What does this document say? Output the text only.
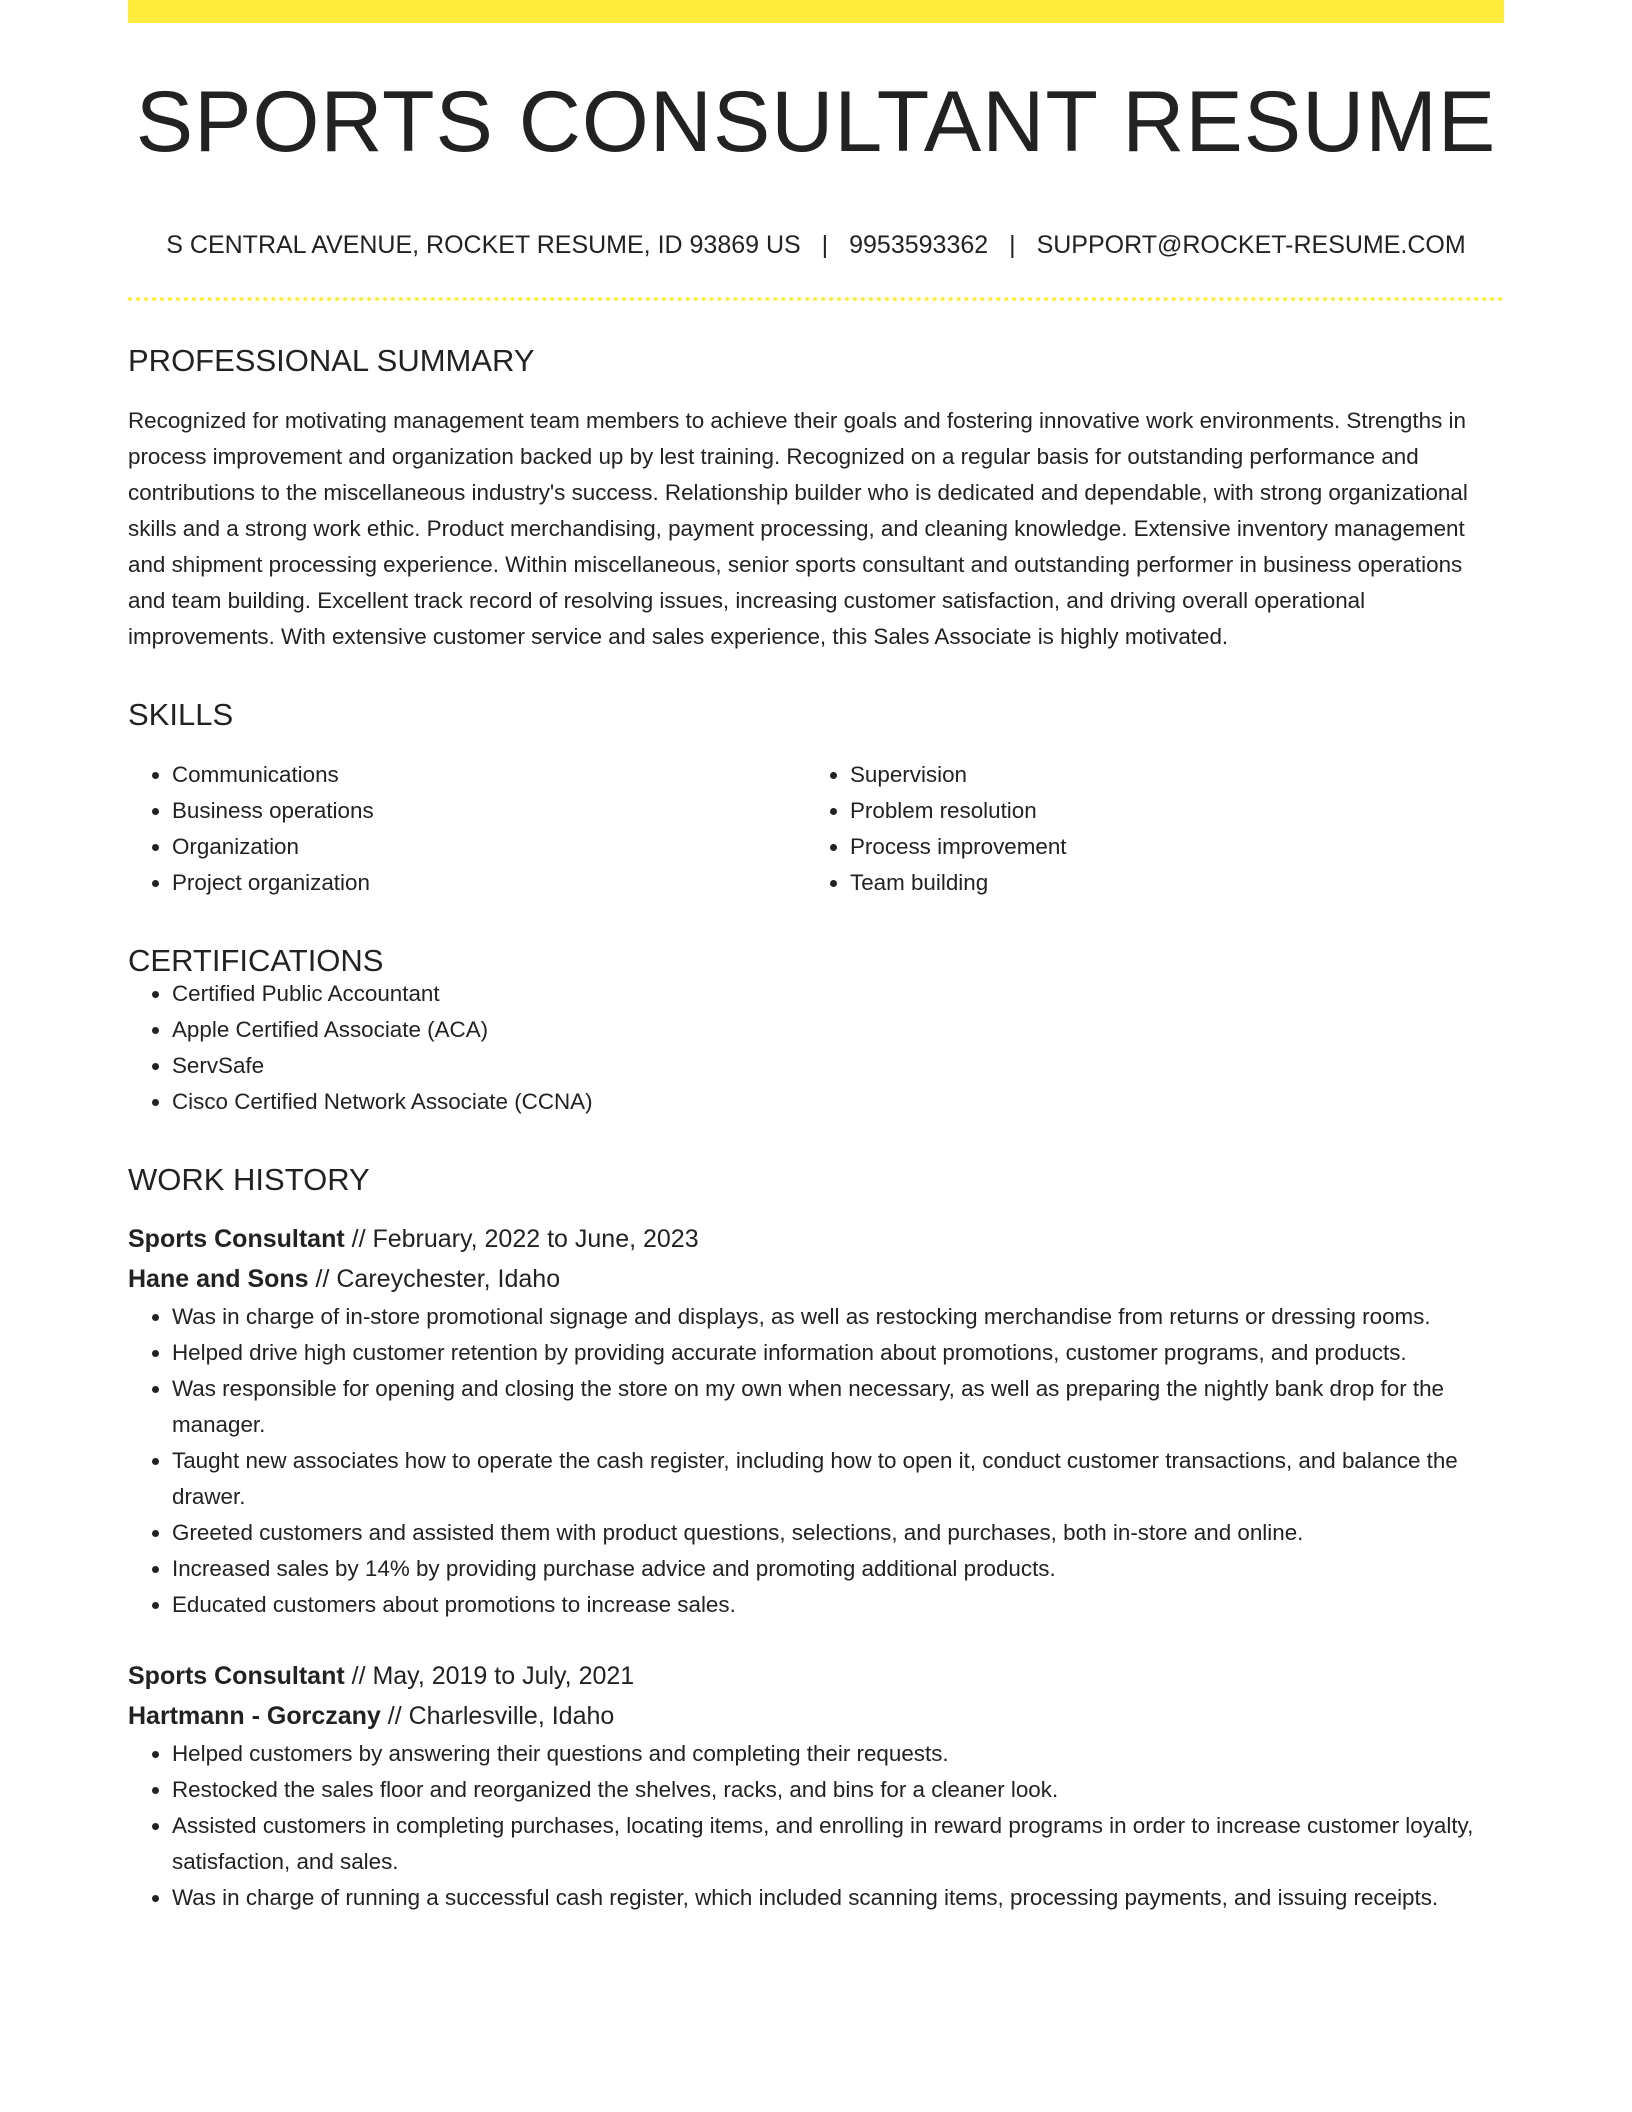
SPORTS CONSULTANT RESUME
S CENTRAL AVENUE, ROCKET RESUME, ID 93869 US | 9953593362 | SUPPORT@ROCKET-RESUME.COM
PROFESSIONAL SUMMARY

Recognized for motivating management team members to achieve their goals and fostering innovative work environments. Strengths in process improvement and organization backed up by lest training. Recognized on a regular basis for outstanding performance and contributions to the miscellaneous industry's success. Relationship builder who is dedicated and dependable, with strong organizational skills and a strong work ethic. Product merchandising, payment processing, and cleaning knowledge. Extensive inventory management and shipment processing experience. Within miscellaneous, senior sports consultant and outstanding performer in business operations and team building. Excellent track record of resolving issues, increasing customer satisfaction, and driving overall operational improvements. With extensive customer service and sales experience, this Sales Associate is highly motivated.

SKILLS
• Communications
• Business operations
• Organization
• Project organization
• Supervision
• Problem resolution
• Process improvement
• Team building
CERTIFICATIONS
• Certified Public Accountant
• Apple Certified Associate (ACA)
• ServSafe
• Cisco Certified Network Associate (CCNA)
WORK HISTORY
Sports Consultant // February, 2022 to June, 2023
Hane and Sons // Careychester, Idaho
• Was in charge of in-store promotional signage and displays, as well as restocking merchandise from returns or dressing rooms.
• Helped drive high customer retention by providing accurate information about promotions, customer programs, and products.
• Was responsible for opening and closing the store on my own when necessary, as well as preparing the nightly bank drop for the manager.
• Taught new associates how to operate the cash register, including how to open it, conduct customer transactions, and balance the drawer.
• Greeted customers and assisted them with product questions, selections, and purchases, both in-store and online.
• Increased sales by 14% by providing purchase advice and promoting additional products.
• Educated customers about promotions to increase sales.
Sports Consultant // May, 2019 to July, 2021
Hartmann - Gorczany // Charlesville, Idaho
• Helped customers by answering their questions and completing their requests.
• Restocked the sales floor and reorganized the shelves, racks, and bins for a cleaner look.
• Assisted customers in completing purchases, locating items, and enrolling in reward programs in order to increase customer loyalty, satisfaction, and sales.
• Was in charge of running a successful cash register, which included scanning items, processing payments, and issuing receipts.
